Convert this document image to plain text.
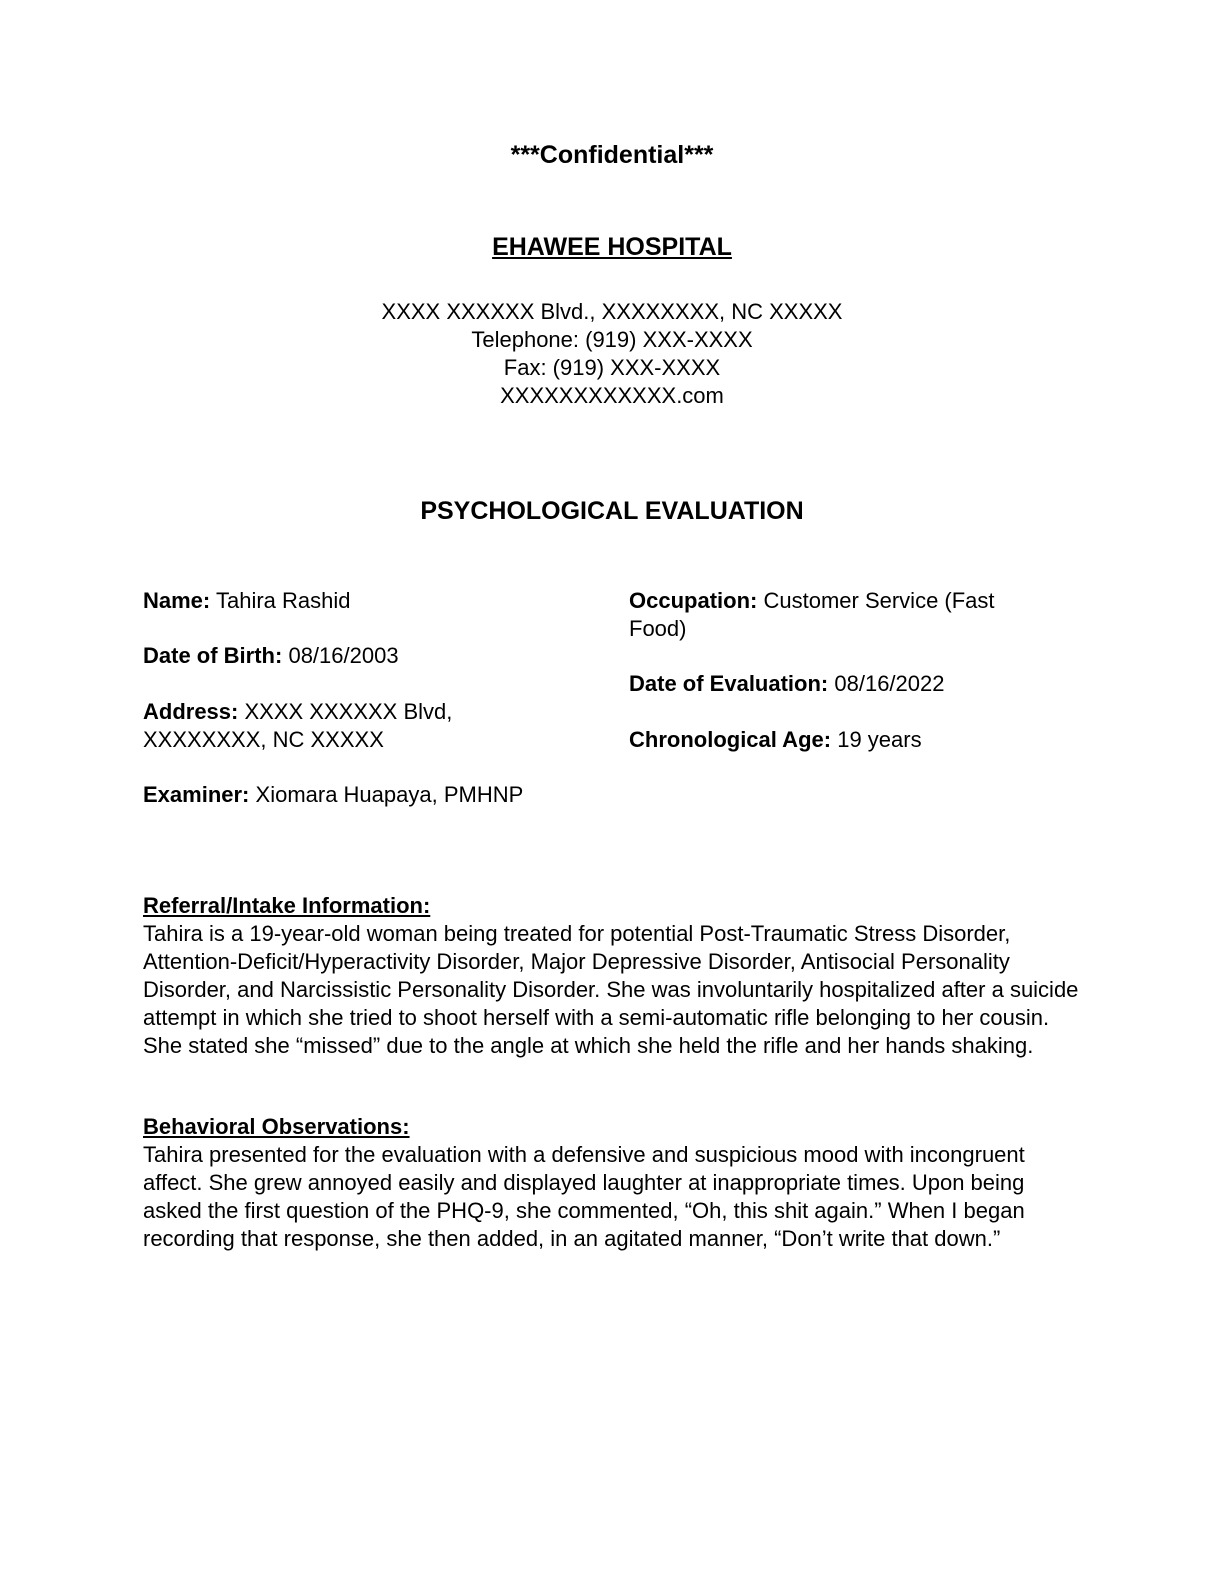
***Confidential***
EHAWEE HOSPITAL
XXXX XXXXXX Blvd., XXXXXXXX, NC XXXXX
Telephone: (919) XXX-XXXX
Fax: (919) XXX-XXXX
XXXXXXXXXXXX.com
PSYCHOLOGICAL EVALUATION
Name: Tahira Rashid
Date of Birth: 08/16/2003
Address: XXXX XXXXXX Blvd, XXXXXXXX, NC XXXXX
Examiner: Xiomara Huapaya, PMHNP
Occupation: Customer Service (Fast Food)
Date of Evaluation: 08/16/2022
Chronological Age: 19 years
Referral/Intake Information:
Tahira is a 19-year-old woman being treated for potential Post-Traumatic Stress Disorder, Attention-Deficit/Hyperactivity Disorder, Major Depressive Disorder, Antisocial Personality Disorder, and Narcissistic Personality Disorder. She was involuntarily hospitalized after a suicide attempt in which she tried to shoot herself with a semi-automatic rifle belonging to her cousin. She stated she “missed” due to the angle at which she held the rifle and her hands shaking.
Behavioral Observations:
Tahira presented for the evaluation with a defensive and suspicious mood with incongruent affect. She grew annoyed easily and displayed laughter at inappropriate times. Upon being asked the first question of the PHQ-9, she commented, “Oh, this shit again.” When I began recording that response, she then added, in an agitated manner, “Don’t write that down.”
